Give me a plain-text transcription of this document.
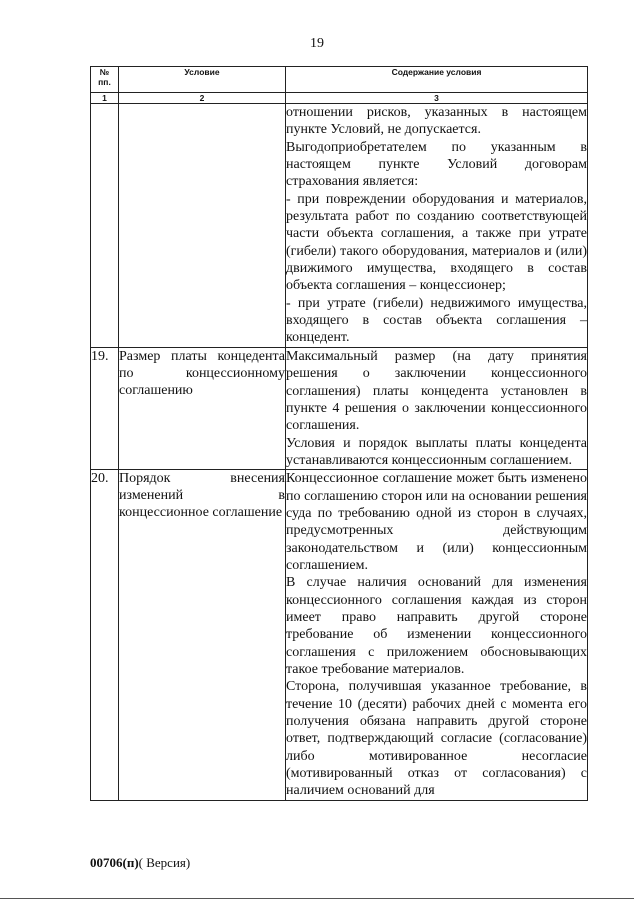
19
№
пп.	Условие	Содержание условия
1	2	3

		отношении рисков, указанных в настоящем пункте Условий, не допускается.

Выгодоприобретателем по указанным в настоящем пункте Условий договорам страхования является:

- при повреждении оборудования и материалов, результата работ по созданию соответствующей части объекта соглашения, а также при утрате (гибели) такого оборудования, материалов и (или) движимого имущества, входящего в состав объекта соглашения – концессионер;

- при утрате (гибели) недвижимого имущества, входящего в состав объекта соглашения – концедент.

19.	Размер платы концедента по концессионному соглашению	Максимальный размер (на дату принятия решения о заключении концессионного соглашения) платы концедента установлен в пункте 4 решения о заключении концессионного соглашения.

Условия и порядок выплаты платы концедента устанавливаются концессионным соглашением.

20.	Порядок внесения изменений в концессионное соглашение	Концессионное соглашение может быть изменено по соглашению сторон или на основании решения суда по требованию одной из сторон в случаях, предусмотренных действующим законодательством и (или) концессионным соглашением.

В случае наличия оснований для изменения концессионного соглашения каждая из сторон имеет право направить другой стороне требование об изменении концессионного соглашения с приложением обосновывающих такое требование материалов.

Сторона, получившая указанное требование, в течение 10 (десяти) рабочих дней с момента его получения обязана направить другой стороне ответ, подтверждающий согласие (согласование) либо мотивированное несогласие (мотивированный отказ от согласования) с наличием оснований для

00706(п)( Версия)
